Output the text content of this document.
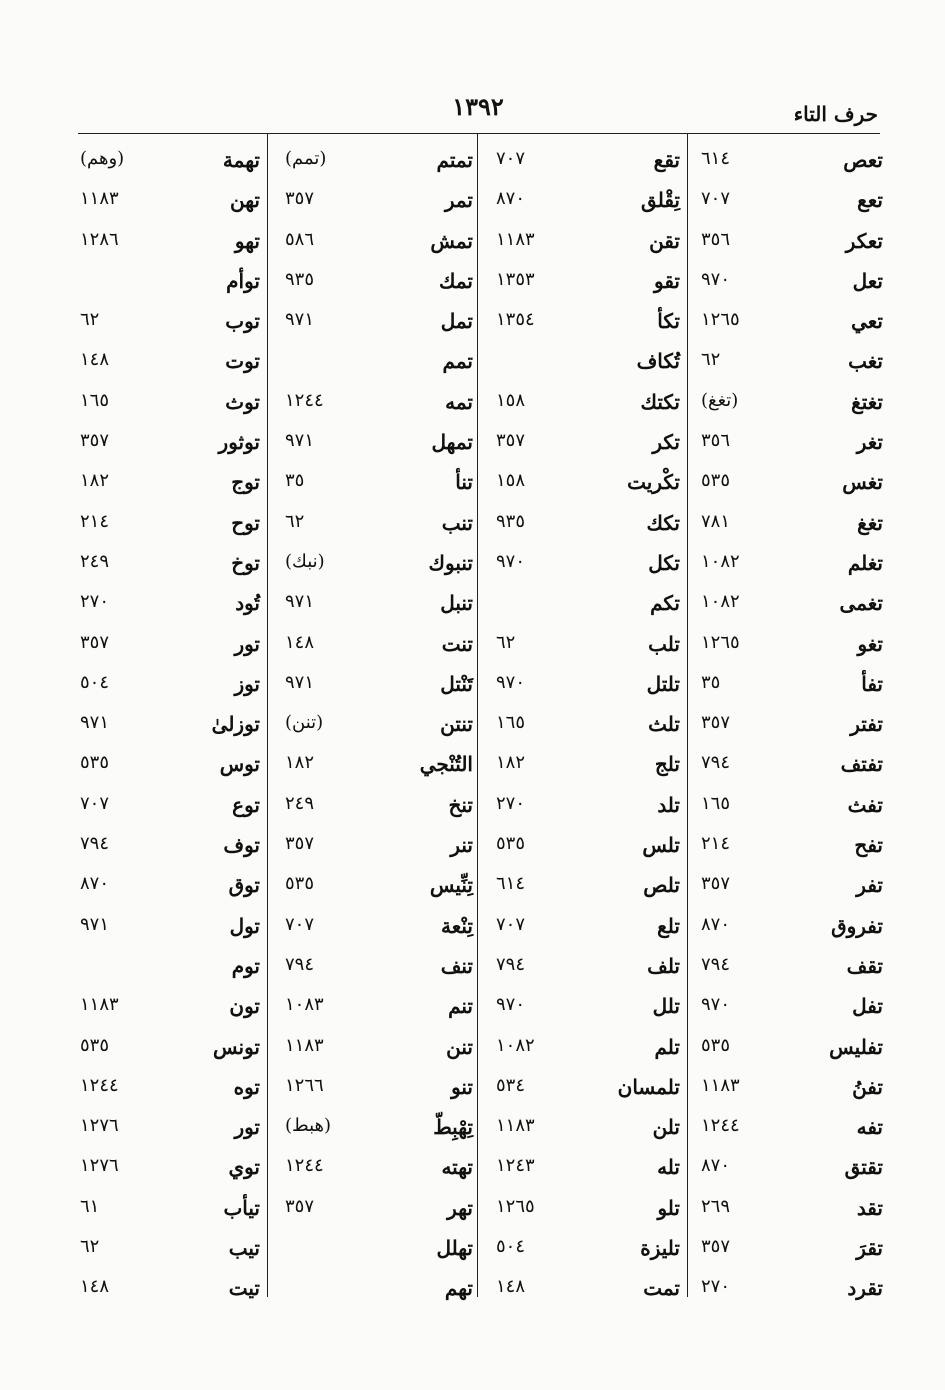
١٣٩٢	حرف التاء
تعص
٦١٤
تعع
٧٠٧
تعكر
٣٥٦
تعل
٩٧٠
تعي
١٢٦٥
تغب
٦٢
تغتغ
(تغغ)
تغر
٣٥٦
تغس
٥٣٥
تغغ
٧٨١
تغلم
١٠٨٢
تغمى
١٠٨٢
تغو
١٢٦٥
تفأ
٣٥
تفتر
٣٥٧
تفتف
٧٩٤
تفث
١٦٥
تفح
٢١٤
تفر
٣٥٧
تفروق
٨٧٠
تقف
٧٩٤
تفل
٩٧٠
تفليس
٥٣٥
تفنُ
١١٨٣
تفه
١٢٤٤
تقتق
٨٧٠
تقد
٢٦٩
تقرَ
٣٥٧
تقرد
٢٧٠
تقع
٧٠٧
تِقْلق
٨٧٠
تقن
١١٨٣
تقو
١٣٥٣
تكأ
١٣٥٤
تُكاف
تكتك
١٥٨
تكر
٣٥٧
تكْريت
١٥٨
تكك
٩٣٥
تكل
٩٧٠
تكم
تلب
٦٢
تلتل
٩٧٠
تلث
١٦٥
تلج
١٨٢
تلد
٢٧٠
تلس
٥٣٥
تلص
٦١٤
تلع
٧٠٧
تلف
٧٩٤
تلل
٩٧٠
تلم
١٠٨٢
تلمسان
٥٣٤
تلن
١١٨٣
تله
١٢٤٣
تلو
١٢٦٥
تليزة
٥٠٤
تمت
١٤٨
تمتم
(تمم)
تمر
٣٥٧
تمش
٥٨٦
تمك
٩٣٥
تمل
٩٧١
تمم
تمه
١٢٤٤
تمهل
٩٧١
تنأ
٣٥
تنب
٦٢
تنبوك
(نبك)
تنبل
٩٧١
تنت
١٤٨
تَنْتل
٩٧١
تنتن
(تنن)
التُنْجي
١٨٢
تنخ
٢٤٩
تنر
٣٥٧
تِنِّيس
٥٣٥
تِنْعة
٧٠٧
تنف
٧٩٤
تنم
١٠٨٣
تنن
١١٨٣
تنو
١٢٦٦
تِهْبِطّ
(هبط)
تهته
١٢٤٤
تهر
٣٥٧
تهلل
تهم
تهمة
(وهم)
تهن
١١٨٣
تهو
١٢٨٦
توأم
توب
٦٢
توت
١٤٨
توث
١٦٥
توثور
٣٥٧
توج
١٨٢
توح
٢١٤
توخ
٢٤٩
تُود
٢٧٠
تور
٣٥٧
توز
٥٠٤
توزلىٰ
٩٧١
توس
٥٣٥
توع
٧٠٧
توف
٧٩٤
توق
٨٧٠
تول
٩٧١
توم
تون
١١٨٣
تونس
٥٣٥
توه
١٢٤٤
تور
١٢٧٦
توي
١٢٧٦
تيأب
٦١
تيب
٦٢
تيت
١٤٨
